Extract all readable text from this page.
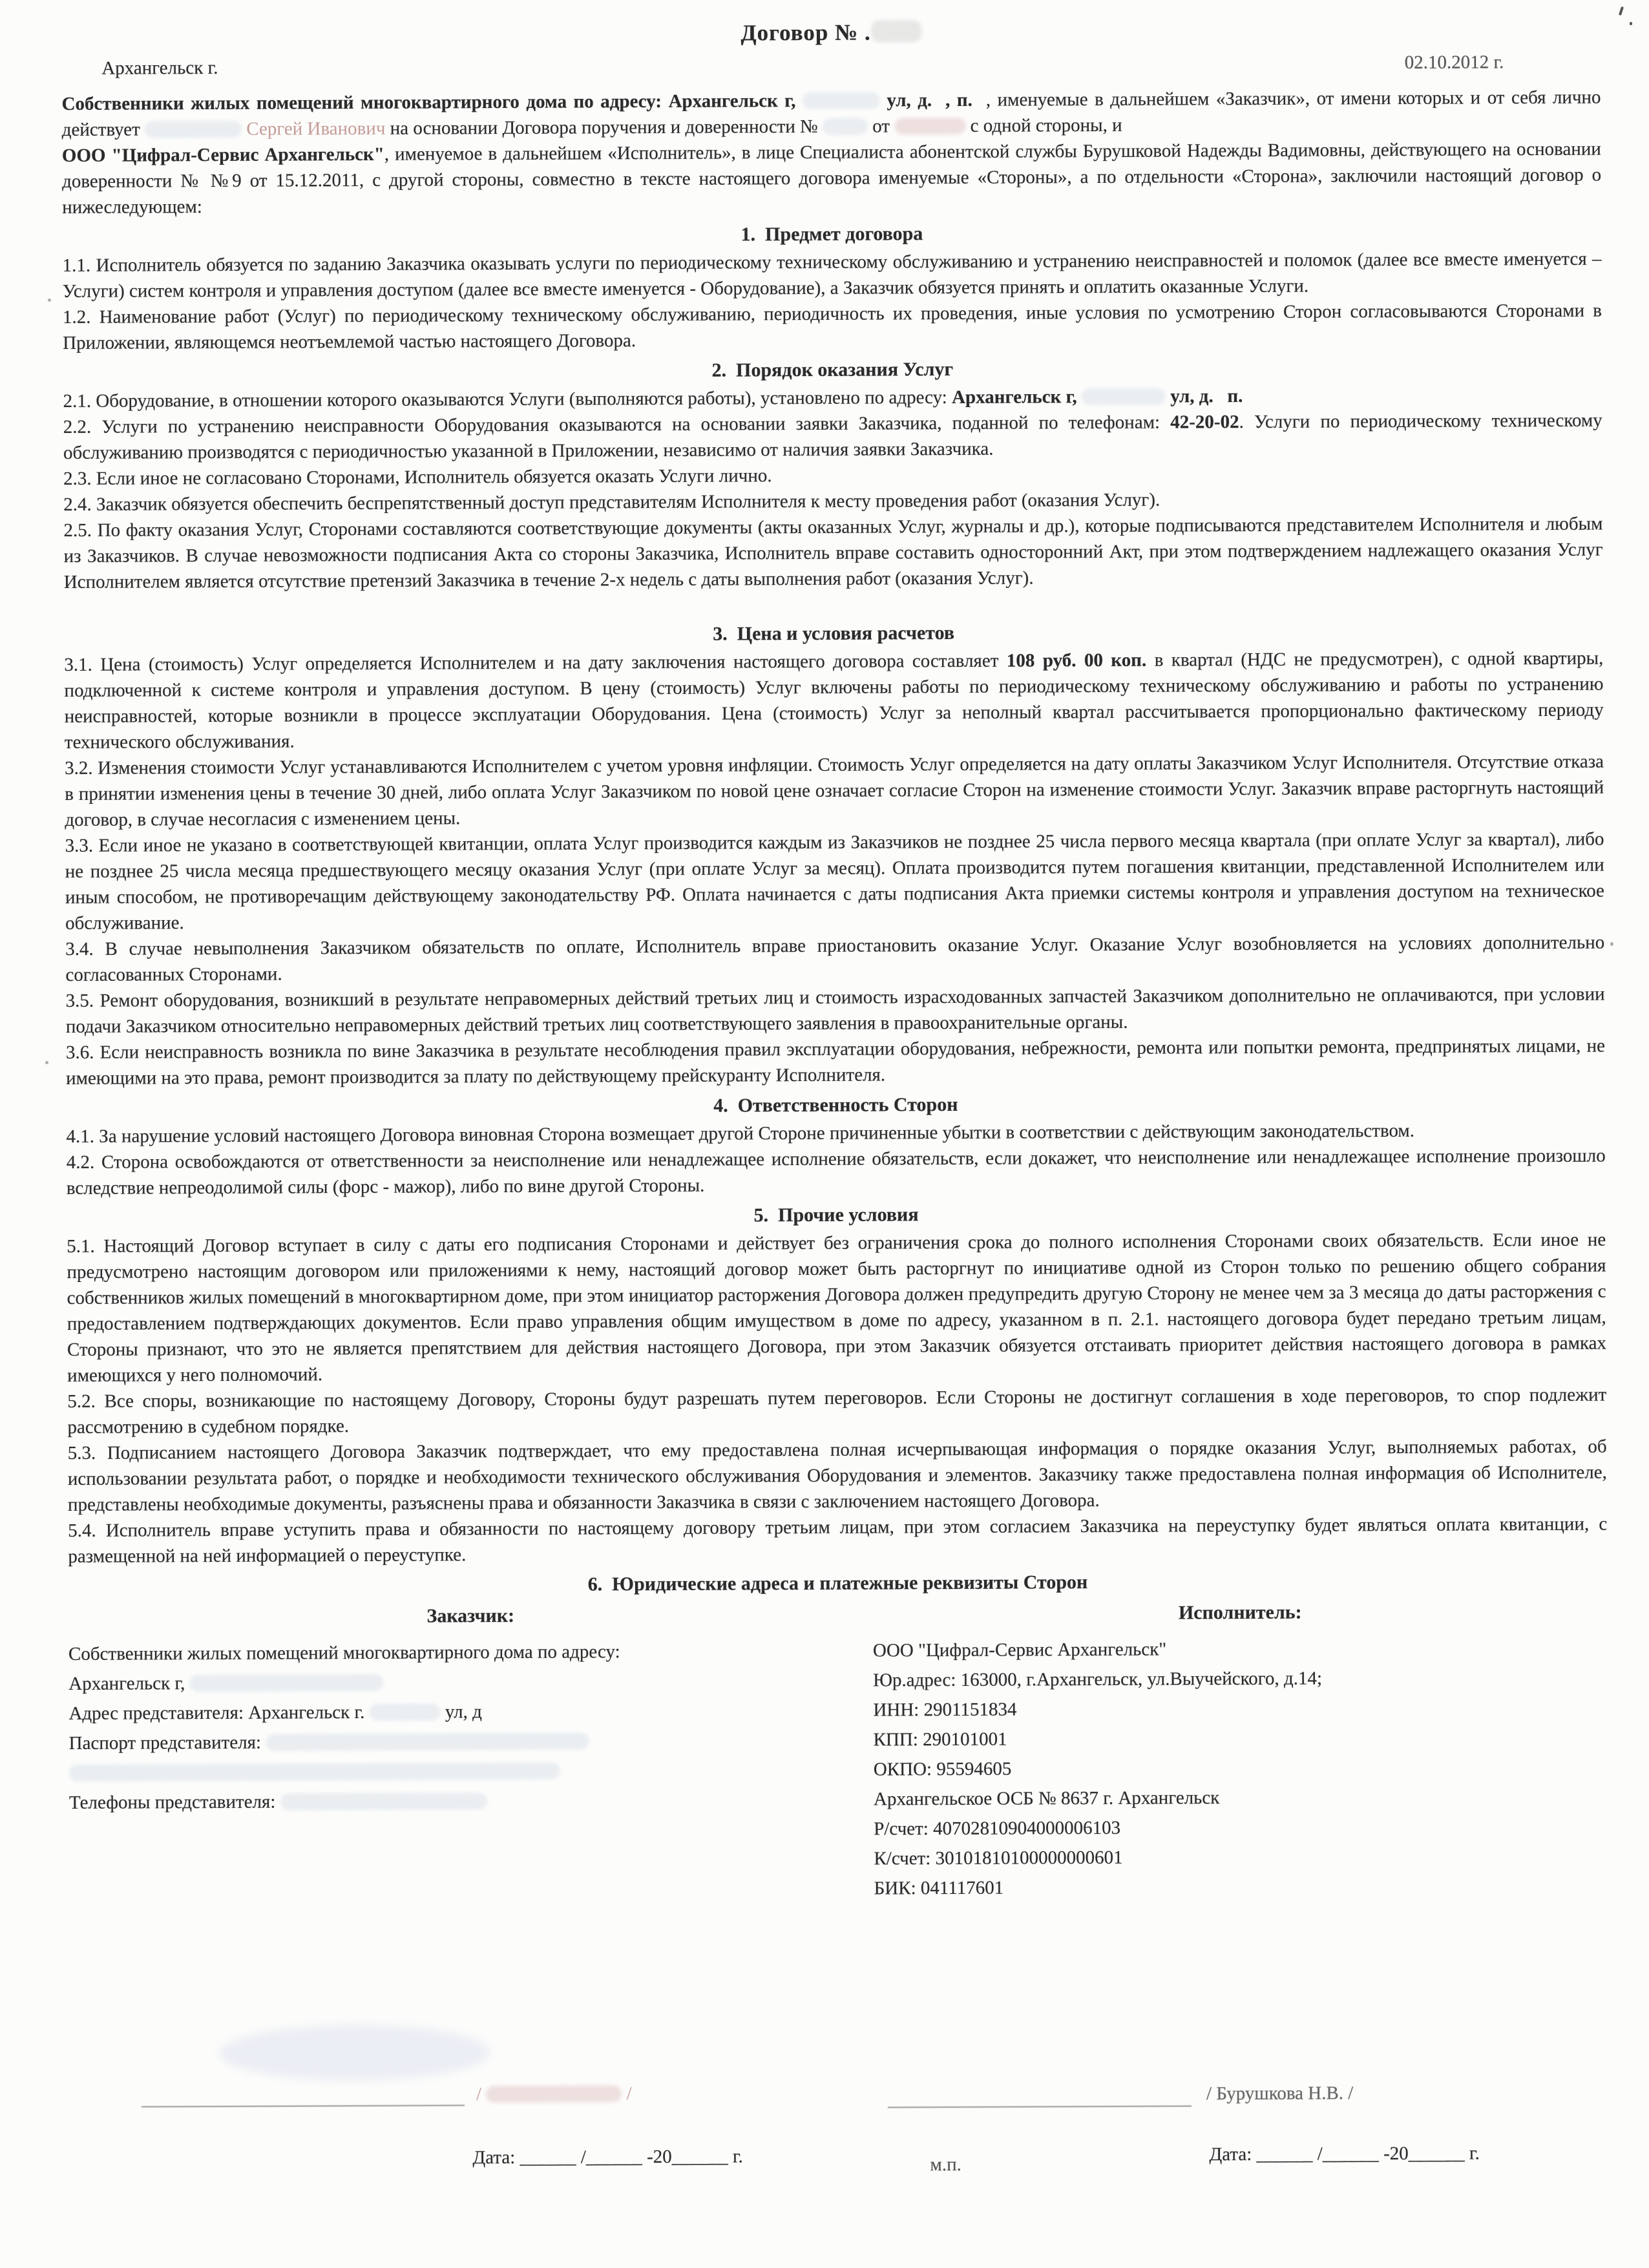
Договор № .
Архангельск г.	02.10.2012 г.

Собственники жилых помещений многоквартирного дома по адресу: Архангельск г,	ул, д.  , п.  , именуемые в дальнейшем «Заказчик», от имени которых и от себя лично действует	Сергей Иванович на основании Договора поручения и доверенности №  от	с одной стороны, и

ООО "Цифрал-Сервис Архангельск", именуемое в дальнейшем «Исполнитель», в лице Специалиста абонентской службы Бурушковой Надежды Вадимовны, действующего на основании доверенности № №9 от 15.12.2011, с другой стороны, совместно в тексте настоящего договора именуемые «Стороны», а по отдельности «Сторона», заключили настоящий договор о нижеследующем:

1.  Предмет договора

1.1. Исполнитель обязуется по заданию Заказчика оказывать услуги по периодическому техническому обслуживанию и устранению неисправностей и поломок (далее все вместе именуется – Услуги) систем контроля и управления доступом (далее все вместе именуется - Оборудование), а Заказчик обязуется принять и оплатить оказанные Услуги.

1.2. Наименование работ (Услуг) по периодическому техническому обслуживанию, периодичность их проведения, иные условия по усмотрению Сторон согласовываются Сторонами в Приложении, являющемся неотъемлемой частью настоящего Договора.

2.  Порядок оказания Услуг

2.1. Оборудование, в отношении которого оказываются Услуги (выполняются работы), установлено по адресу: Архангельск г,	ул, д.   п.

2.2. Услуги по устранению неисправности Оборудования оказываются на основании заявки Заказчика, поданной по телефонам: 42-20-02. Услуги по периодическому техническому обслуживанию производятся с периодичностью указанной в Приложении, независимо от наличия заявки Заказчика.

2.3. Если иное не согласовано Сторонами, Исполнитель обязуется оказать Услуги лично.

2.4. Заказчик обязуется обеспечить беспрепятственный доступ представителям Исполнителя к месту проведения работ (оказания Услуг).

2.5. По факту оказания Услуг, Сторонами составляются соответствующие документы (акты оказанных Услуг, журналы и др.), которые подписываются представителем Исполнителя и любым из Заказчиков. В случае невозможности подписания Акта со стороны Заказчика, Исполнитель вправе составить односторонний Акт, при этом подтверждением надлежащего оказания Услуг Исполнителем является отсутствие претензий Заказчика в течение 2-х недель с даты выполнения работ (оказания Услуг).

3.  Цена и условия расчетов

3.1. Цена (стоимость) Услуг определяется Исполнителем и на дату заключения настоящего договора составляет 108 руб. 00 коп. в квартал (НДС не предусмотрен), с одной квартиры, подключенной к системе контроля и управления доступом. В цену (стоимость) Услуг включены работы по периодическому техническому обслуживанию и работы по устранению неисправностей, которые возникли в процессе эксплуатации Оборудования. Цена (стоимость) Услуг за неполный квартал рассчитывается пропорционально фактическому периоду технического обслуживания.

3.2. Изменения стоимости Услуг устанавливаются Исполнителем с учетом уровня инфляции. Стоимость Услуг определяется на дату оплаты Заказчиком Услуг Исполнителя. Отсутствие отказа в принятии изменения цены в течение 30 дней, либо оплата Услуг Заказчиком по новой цене означает согласие Сторон на изменение стоимости Услуг. Заказчик вправе расторгнуть настоящий договор, в случае несогласия с изменением цены.

3.3. Если иное не указано в соответствующей квитанции, оплата Услуг производится каждым из Заказчиков не позднее 25 числа первого месяца квартала (при оплате Услуг за квартал), либо не позднее 25 числа месяца предшествующего месяцу оказания Услуг (при оплате Услуг за месяц). Оплата производится путем погашения квитанции, представленной Исполнителем или иным способом, не противоречащим действующему законодательству РФ. Оплата начинается с даты подписания Акта приемки системы контроля и управления доступом на техническое обслуживание.

3.4. В случае невыполнения Заказчиком обязательств по оплате, Исполнитель вправе приостановить оказание Услуг. Оказание Услуг возобновляется на условиях дополнительно согласованных Сторонами.

3.5. Ремонт оборудования, возникший в результате неправомерных действий третьих лиц и стоимость израсходованных запчастей Заказчиком дополнительно не оплачиваются, при условии подачи Заказчиком относительно неправомерных действий третьих лиц соответствующего заявления в правоохранительные органы.

3.6. Если неисправность возникла по вине Заказчика в результате несоблюдения правил эксплуатации оборудования, небрежности, ремонта или попытки ремонта, предпринятых лицами, не имеющими на это права, ремонт производится за плату по действующему прейскуранту Исполнителя.

4.  Ответственность Сторон

4.1. За нарушение условий настоящего Договора виновная Сторона возмещает другой Стороне причиненные убытки в соответствии с действующим законодательством.

4.2. Сторона освобождаются от ответственности за неисполнение или ненадлежащее исполнение обязательств, если докажет, что неисполнение или ненадлежащее исполнение произошло вследствие непреодолимой силы (форс - мажор), либо по вине другой Стороны.

5.  Прочие условия

5.1. Настоящий Договор вступает в силу с даты его подписания Сторонами и действует без ограничения срока до полного исполнения Сторонами своих обязательств. Если иное не предусмотрено настоящим договором или приложениями к нему, настоящий договор может быть расторгнут по инициативе одной из Сторон только по решению общего собрания собственников жилых помещений в многоквартирном доме, при этом инициатор расторжения Договора должен предупредить другую Сторону не менее чем за 3 месяца до даты расторжения с предоставлением подтверждающих документов. Если право управления общим имуществом в доме по адресу, указанном в п. 2.1. настоящего договора будет передано третьим лицам, Стороны признают, что это не является препятствием для действия настоящего Договора, при этом Заказчик обязуется отстаивать приоритет действия настоящего договора в рамках имеющихся у него полномочий.

5.2. Все споры, возникающие по настоящему Договору, Стороны будут разрешать путем переговоров. Если Стороны не достигнут соглашения в ходе переговоров, то спор подлежит рассмотрению в судебном порядке.

5.3. Подписанием настоящего Договора Заказчик подтверждает, что ему предоставлена полная исчерпывающая информация о порядке оказания Услуг, выполняемых работах, об использовании результата работ, о порядке и необходимости технического обслуживания Оборудования и элементов. Заказчику также предоставлена полная информация об Исполнителе, представлены необходимые документы, разъяснены права и обязанности Заказчика в связи с заключением настоящего Договора.

5.4. Исполнитель вправе уступить права и обязанности по настоящему договору третьим лицам, при этом согласием Заказчика на переуступку будет являться оплата квитанции, с размещенной на ней информацией о переуступке.

6.  Юридические адреса и платежные реквизиты Сторон
Заказчик:

Собственники жилых помещений многоквартирного дома по адресу:

Архангельск г,

Адрес представителя: Архангельск г.	ул, д

Паспорт представителя:

Телефоны представителя:

Исполнитель:

ООО "Цифрал-Сервис Архангельск"

Юр.адрес: 163000, г.Архангельск, ул.Выучейского, д.14;

ИНН: 2901151834

КПП: 290101001

ОКПО: 95594605

Архангельское ОСБ № 8637 г. Архангельск

Р/счет: 40702810904000006103

К/счет: 30101810100000000601

БИК: 041117601

/	/	/ Бурушкова Н.В. /
Дата: ______ /______ -20______ г.	м.п.	Дата: ______ /______ -20______ г.
